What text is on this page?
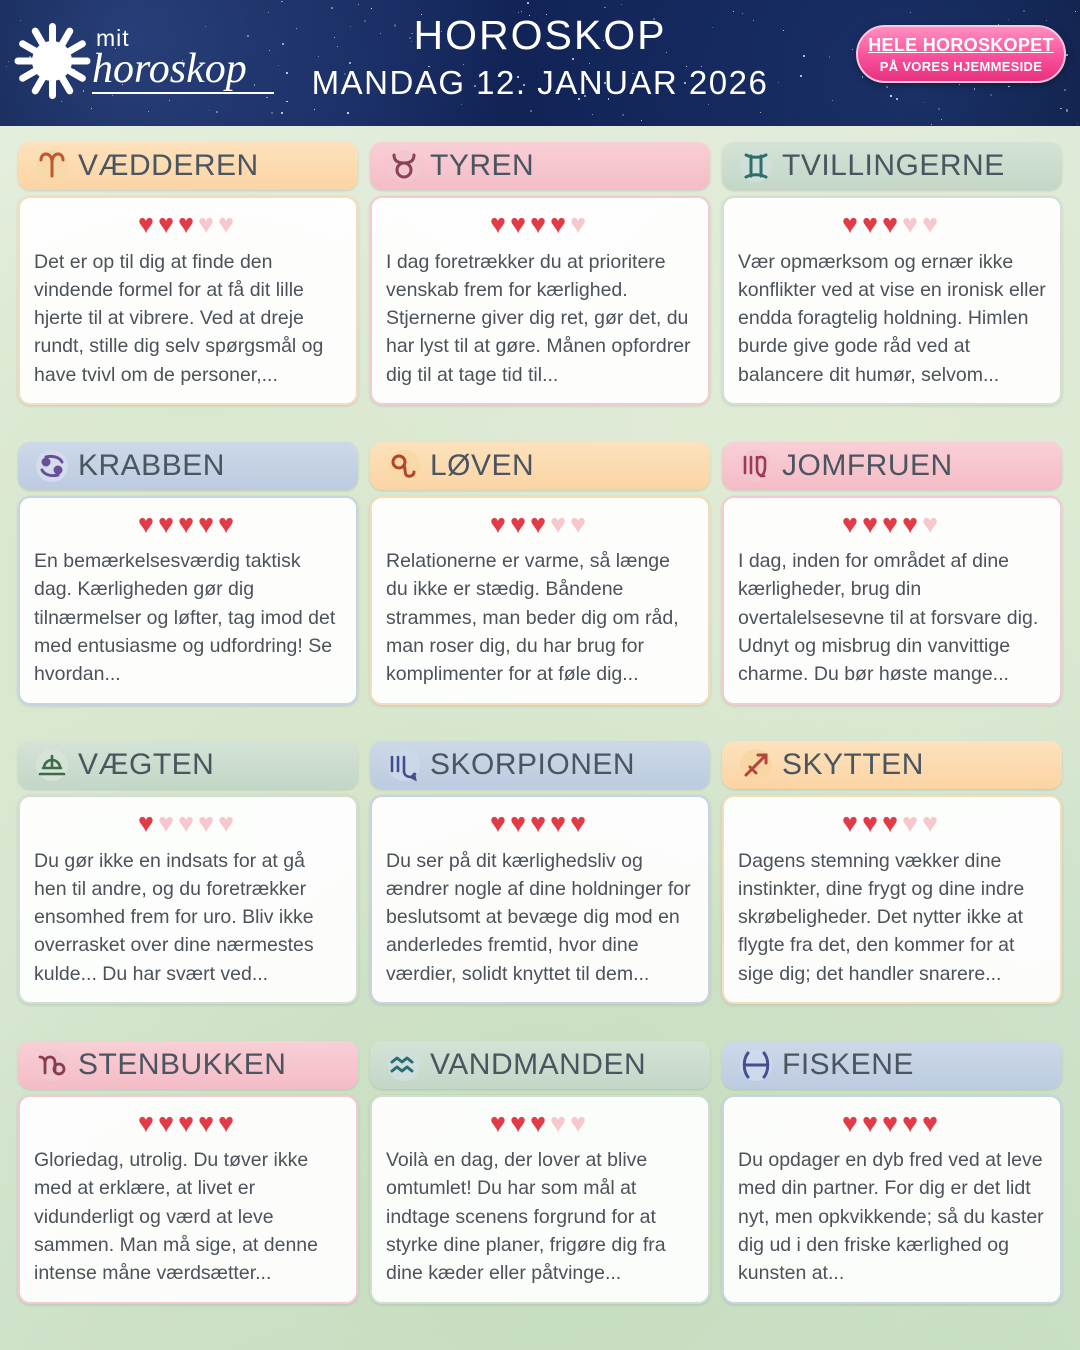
mit
horoskop
HOROSKOP
MANDAG 12. JANUAR 2026
HELE HOROSKOPET
PÅ VORES HJEMMESIDE
VÆDDEREN
♥♥♥♥♥
Det er op til dig at finde den vindende formel for at få dit lille hjerte til at vibrere. Ved at dreje rundt, stille dig selv spørgsmål og have tvivl om de personer,...
TYREN
♥♥♥♥♥
I dag foretrækker du at prioritere venskab frem for kærlighed. Stjernerne giver dig ret, gør det, du har lyst til at gøre. Månen opfordrer dig til at tage tid til...
TVILLINGERNE
♥♥♥♥♥
Vær opmærksom og ernær ikke konflikter ved at vise en ironisk eller endda foragtelig holdning. Himlen burde give gode råd ved at balancere dit humør, selvom...
KRABBEN
♥♥♥♥♥
En bemærkelsesværdig taktisk dag. Kærligheden gør dig tilnærmelser og løfter, tag imod det med entusiasme og udfordring! Se hvordan...
LØVEN
♥♥♥♥♥
Relationerne er varme, så længe du ikke er stædig. Båndene strammes, man beder dig om råd, man roser dig, du har brug for komplimenter for at føle dig...
JOMFRUEN
♥♥♥♥♥
I dag, inden for området af dine kærligheder, brug din overtalelsesevne til at forsvare dig. Udnyt og misbrug din vanvittige charme. Du bør høste mange...
VÆGTEN
♥♥♥♥♥
Du gør ikke en indsats for at gå hen til andre, og du foretrækker ensomhed frem for uro. Bliv ikke overrasket over dine nærmestes kulde... Du har svært ved...
SKORPIONEN
♥♥♥♥♥
Du ser på dit kærlighedsliv og ændrer nogle af dine holdninger for beslutsomt at bevæge dig mod en anderledes fremtid, hvor dine værdier, solidt knyttet til dem...
SKYTTEN
♥♥♥♥♥
Dagens stemning vækker dine instinkter, dine frygt og dine indre skrøbeligheder. Det nytter ikke at flygte fra det, den kommer for at sige dig; det handler snarere...
STENBUKKEN
♥♥♥♥♥
Gloriedag, utrolig. Du tøver ikke med at erklære, at livet er vidunderligt og værd at leve sammen. Man må sige, at denne intense måne værdsætter...
VANDMANDEN
♥♥♥♥♥
Voilà en dag, der lover at blive omtumlet! Du har som mål at indtage scenens forgrund for at styrke dine planer, frigøre dig fra dine kæder eller påtvinge...
FISKENE
♥♥♥♥♥
Du opdager en dyb fred ved at leve med din partner. For dig er det lidt nyt, men opkvikkende; så du kaster dig ud i den friske kærlighed og kunsten at...
